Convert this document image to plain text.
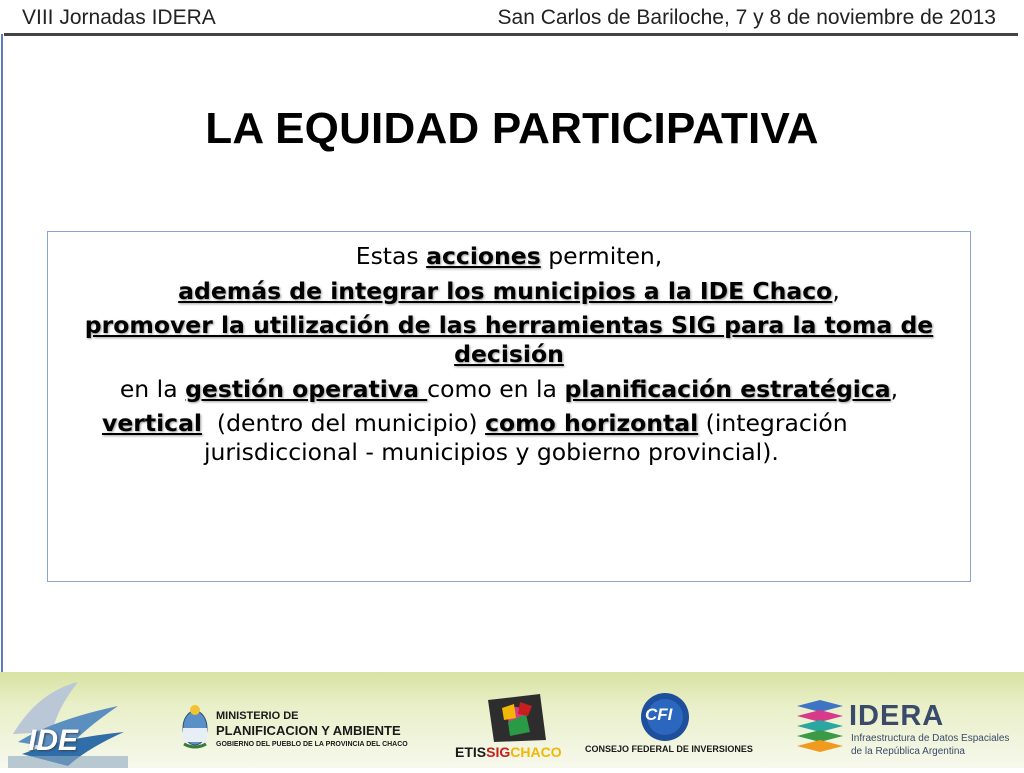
VIII Jornadas IDERA	San Carlos de Bariloche, 7 y 8 de noviembre de 2013
LA EQUIDAD PARTICIPATIVA

Estas acciones permiten,

además de integrar los municipios a la IDE Chaco,

promover la utilización de las herramientas SIG para la toma de decisión

en la gestión operativa como en la planificación estratégica,

vertical  (dentro del municipio) como horizontal (integración jurisdiccional - municipios y gobierno provincial).

IDE
MINISTERIO DE
PLANIFICACION Y AMBIENTE
GOBIERNO DEL PUEBLO DE LA PROVINCIA DEL CHACO	ETISSIGCHACO
CFI
CONSEJO FEDERAL DE INVERSIONES
IDERA
Infraestructura de Datos Espaciales
de la República Argentina
